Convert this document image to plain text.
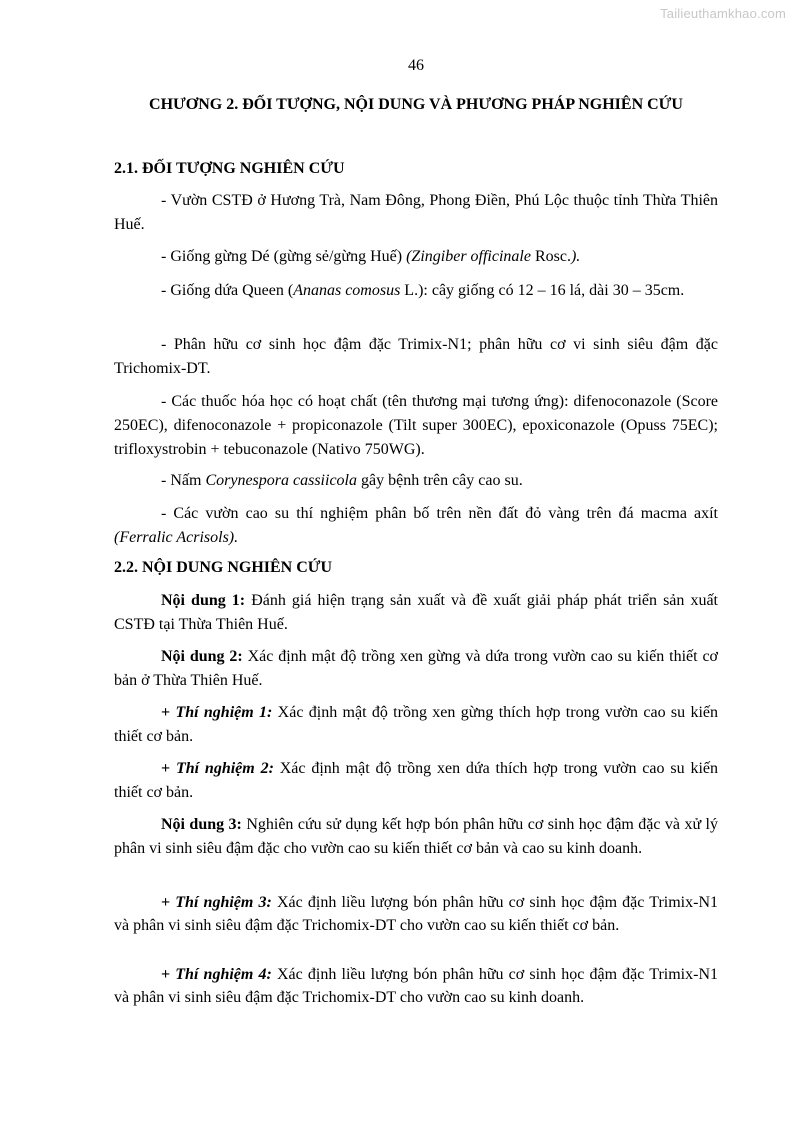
Tailieuthamkhao.com
46
CHƯƠNG 2. ĐỐI TƯỢNG, NỘI DUNG VÀ PHƯƠNG PHÁP NGHIÊN CỨU
2.1. ĐỐI TƯỢNG NGHIÊN CỨU

- Vườn CSTĐ ở Hương Trà, Nam Đông, Phong Điền, Phú Lộc thuộc tỉnh Thừa Thiên Huế.

- Giống gừng Dé (gừng sẻ/gừng Huế) (Zingiber officinale Rosc.).

- Giống dứa Queen (Ananas comosus L.): cây giống có 12 – 16 lá, dài 30 – 35cm.

- Phân hữu cơ sinh học đậm đặc Trimix-N1; phân hữu cơ vi sinh siêu đậm đặc Trichomix-DT.

- Các thuốc hóa học có hoạt chất (tên thương mại tương ứng): difenoconazole (Score 250EC), difenoconazole + propiconazole (Tilt super 300EC), epoxiconazole (Opuss 75EC); trifloxystrobin + tebuconazole (Nativo 750WG).

- Nấm Corynespora cassiicola gây bệnh trên cây cao su.

- Các vườn cao su thí nghiệm phân bố trên nền đất đỏ vàng trên đá macma axít (Ferralic Acrisols).

2.2. NỘI DUNG NGHIÊN CỨU

Nội dung 1: Đánh giá hiện trạng sản xuất và đề xuất giải pháp phát triển sản xuất CSTĐ tại Thừa Thiên Huế.

Nội dung 2: Xác định mật độ trồng xen gừng và dứa trong vườn cao su kiến thiết cơ bản ở Thừa Thiên Huế.

+ Thí nghiệm 1: Xác định mật độ trồng xen gừng thích hợp trong vườn cao su kiến thiết cơ bản.

+ Thí nghiệm 2: Xác định mật độ trồng xen dứa thích hợp trong vườn cao su kiến thiết cơ bản.

Nội dung 3: Nghiên cứu sử dụng kết hợp bón phân hữu cơ sinh học đậm đặc và xử lý phân vi sinh siêu đậm đặc cho vườn cao su kiến thiết cơ bản và cao su kinh doanh.

+ Thí nghiệm 3: Xác định liều lượng bón phân hữu cơ sinh học đậm đặc Trimix-N1 và phân vi sinh siêu đậm đặc Trichomix-DT cho vườn cao su kiến thiết cơ bản.

+ Thí nghiệm 4: Xác định liều lượng bón phân hữu cơ sinh học đậm đặc Trimix-N1 và phân vi sinh siêu đậm đặc Trichomix-DT cho vườn cao su kinh doanh.
